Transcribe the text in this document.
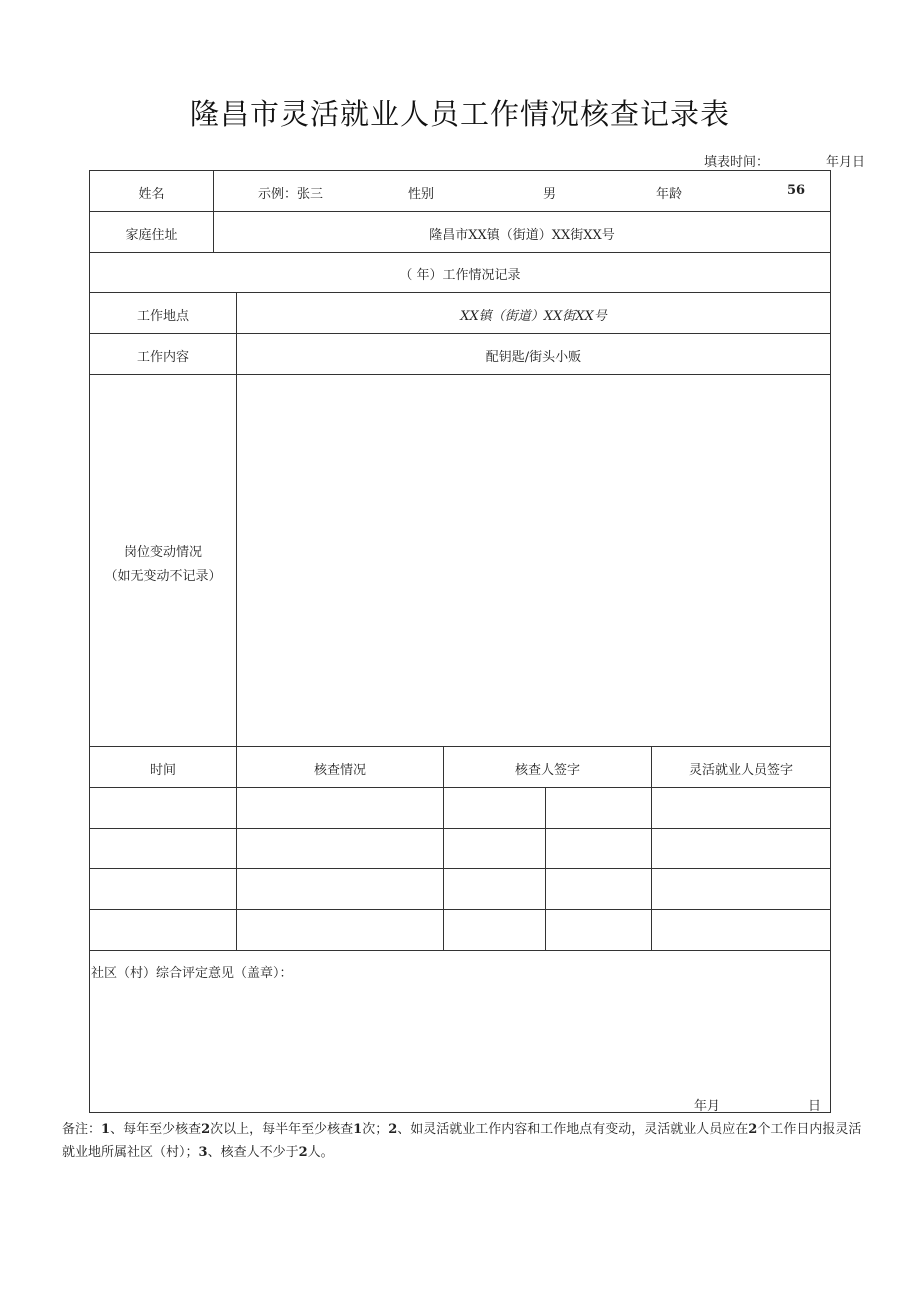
隆昌市灵活就业人员工作情况核查记录表
填表时间：	年月日
姓名	示例：张三	性别	男	年龄	56
家庭住址	隆昌市XX镇（街道）XX街XX号
（ 年）工作情况记录
工作地点	XX镇（街道）XX街XX号
工作内容	配钥匙/街头小贩
岗位变动情况
（如无变动不记录）
时间	核查情况	核查人签字	灵活就业人员签字
社区（村）综合评定意见（盖章）：
年月	日
备注：1、每年至少核查2次以上，每半年至少核查1次；2、如灵活就业工作内容和工作地点有变动，灵活就业人员应在2个工作日内报灵活就业地所属社区（村）；3、核查人不少于2人。
